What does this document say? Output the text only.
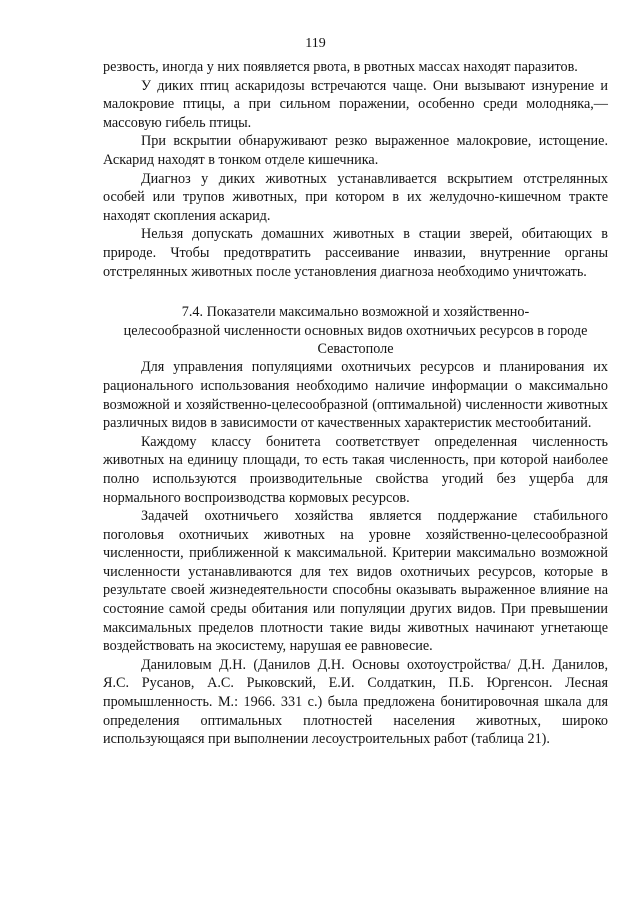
119

резвость, иногда у них появляется рвота, в рвотных массах находят паразитов.

У диких птиц аскаридозы встречаются чаще. Они вызывают изнурение и малокровие птицы, а при сильном поражении, особенно среди молодняка,— массовую гибель птицы.

При вскрытии обнаруживают резко выраженное малокровие, истощение. Аскарид находят в тонком отделе кишечника.

Диагноз у диких животных устанавливается вскрытием отстрелянных особей или трупов животных, при котором в их желудочно-кишечном тракте находят скопления аскарид.

Нельзя допускать домашних животных в стации зверей, обитающих в природе. Чтобы предотвратить рассеивание инвазии, внутренние органы отстрелянных животных после установления диагноза необходимо уничтожать.

7.4. Показатели максимально возможной и хозяйственно-
целесообразной численности основных видов охотничьих ресурсов в городе
Севастополе

Для управления популяциями охотничьих ресурсов и планирования их рационального использования необходимо наличие информации о максимально возможной и хозяйственно-целесообразной (оптимальной) численности животных различных видов в зависимости от качественных характеристик местообитаний.

Каждому классу бонитета соответствует определенная численность животных на единицу площади, то есть такая численность, при которой наиболее полно используются производительные свойства угодий без ущерба для нормального воспроизводства кормовых ресурсов.

Задачей охотничьего хозяйства является поддержание стабильного поголовья охотничьих животных на уровне хозяйственно-целесообразной численности, приближенной к максимальной. Критерии максимально возможной численности устанавливаются для тех видов охотничьих ресурсов, которые в результате своей жизнедеятельности способны оказывать выраженное влияние на состояние самой среды обитания или популяции других видов. При превышении максимальных пределов плотности такие виды животных начинают угнетающе воздействовать на экосистему, нарушая ее равновесие.

Даниловым Д.Н. (Данилов Д.Н. Основы охотоустройства/ Д.Н. Данилов, Я.С. Русанов, А.С. Рыковский, Е.И. Солдаткин, П.Б. Юргенсон. Лесная промышленность. М.: 1966. 331 с.) была предложена бонитировочная шкала для определения оптимальных плотностей населения животных, широко использующаяся при выполнении лесоустроительных работ (таблица 21).
